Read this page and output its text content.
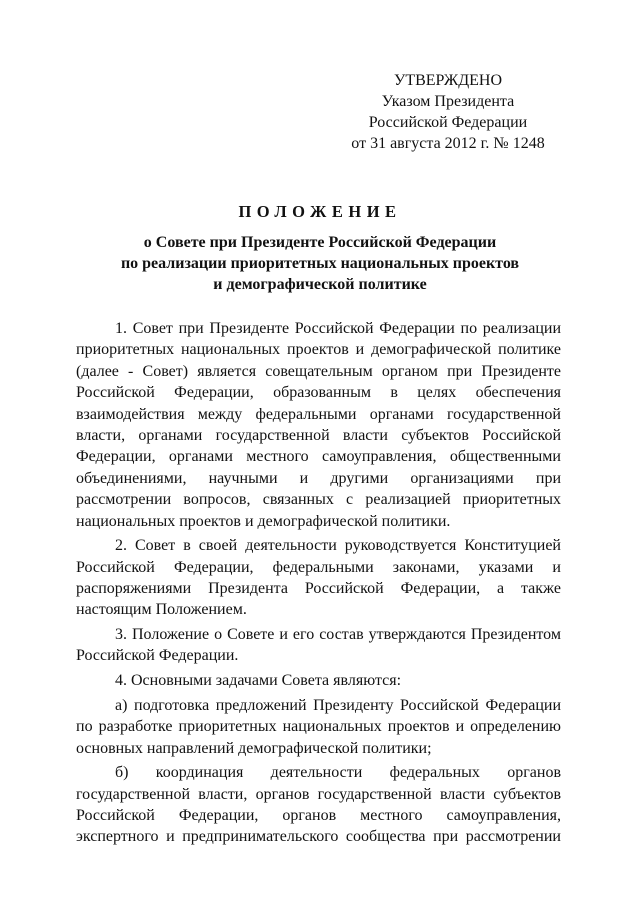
УТВЕРЖДЕНО
Указом Президента
Российской Федерации
от 31 августа 2012 г. № 1248
ПОЛОЖЕНИЕ
о Совете при Президенте Российской Федерации
по реализации приоритетных национальных проектов
и демографической политике
1. Совет при Президенте Российской Федерации по реализации
приоритетных национальных проектов и демографической политике
(далее - Совет) является совещательным органом при Президенте
Российской Федерации, образованным в целях обеспечения
взаимодействия между федеральными органами государственной
власти, органами государственной власти субъектов Российской
Федерации, органами местного самоуправления, общественными
объединениями, научными и другими организациями при
рассмотрении вопросов, связанных с реализацией приоритетных
национальных проектов и демографической политики.
2. Совет в своей деятельности руководствуется Конституцией
Российской Федерации, федеральными законами, указами и
распоряжениями Президента Российской Федерации, а также
настоящим Положением.
3. Положение о Совете и его состав утверждаются Президентом
Российской Федерации.
4. Основными задачами Совета являются:
а) подготовка предложений Президенту Российской Федерации
по разработке приоритетных национальных проектов и определению
основных направлений демографической политики;
б) координация деятельности федеральных органов
государственной власти, органов государственной власти субъектов
Российской Федерации, органов местного самоуправления,
экспертного и предпринимательского сообщества при рассмотрении
